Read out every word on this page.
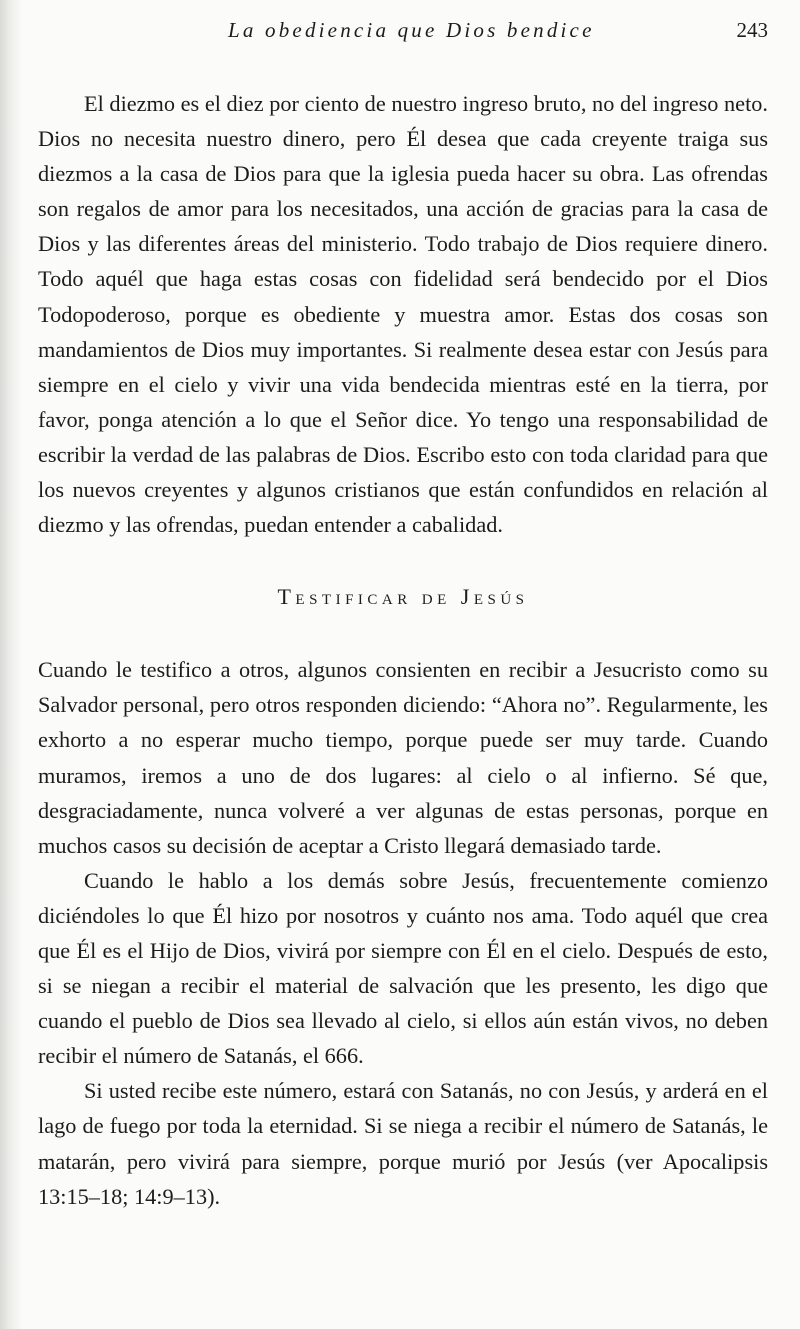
La obediencia que Dios bendice	243

El diezmo es el diez por ciento de nuestro ingreso bruto, no del ingreso neto. Dios no necesita nuestro dinero, pero Él desea que cada creyente traiga sus diezmos a la casa de Dios para que la iglesia pueda hacer su obra. Las ofrendas son regalos de amor para los necesitados, una acción de gracias para la casa de Dios y las diferentes áreas del ministerio. Todo trabajo de Dios requiere dinero. Todo aquél que haga estas cosas con fidelidad será bendecido por el Dios Todopoderoso, porque es obediente y muestra amor. Estas dos cosas son mandamientos de Dios muy importantes. Si realmente desea estar con Jesús para siempre en el cielo y vivir una vida bendecida mientras esté en la tierra, por favor, ponga atención a lo que el Señor dice. Yo tengo una responsabilidad de escribir la verdad de las palabras de Dios. Escribo esto con toda claridad para que los nuevos creyentes y algunos cristianos que están confundidos en relación al diezmo y las ofrendas, puedan entender a cabalidad.

Testificar de Jesús

Cuando le testifico a otros, algunos consienten en recibir a Jesucristo como su Salvador personal, pero otros responden diciendo: “Ahora no”. Regularmente, les exhorto a no esperar mucho tiempo, porque puede ser muy tarde. Cuando muramos, iremos a uno de dos lugares: al cielo o al infierno. Sé que, desgraciadamente, nunca volveré a ver algunas de estas personas, porque en muchos casos su decisión de aceptar a Cristo llegará demasiado tarde.

Cuando le hablo a los demás sobre Jesús, frecuentemente comienzo diciéndoles lo que Él hizo por nosotros y cuánto nos ama. Todo aquél que crea que Él es el Hijo de Dios, vivirá por siempre con Él en el cielo. Después de esto, si se niegan a recibir el material de salvación que les presento, les digo que cuando el pueblo de Dios sea llevado al cielo, si ellos aún están vivos, no deben recibir el número de Satanás, el 666.

Si usted recibe este número, estará con Satanás, no con Jesús, y arderá en el lago de fuego por toda la eternidad. Si se niega a recibir el número de Satanás, le matarán, pero vivirá para siempre, porque murió por Jesús (ver Apocalipsis 13:15–18; 14:9–13).
